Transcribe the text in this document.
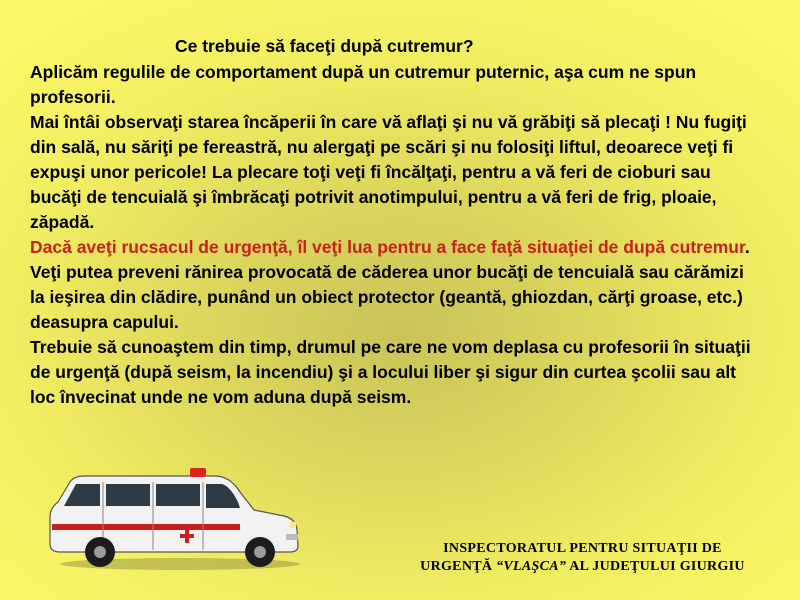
Ce trebuie să faceţi după cutremur?

Aplicăm regulile de comportament după un cutremur puternic, aşa cum ne spun profesorii.

Mai întâi observaţi starea încăperii în care vă aflaţi şi nu vă grăbiţi să plecaţi ! Nu fugiţi din sală, nu săriţi pe fereastră, nu alergaţi pe scări şi nu folosiţi liftul, deoarece veţi fi expuşi unor pericole! La plecare toţi veţi fi încălţaţi, pentru a vă feri de cioburi sau bucăţi de tencuială şi îmbrăcaţi potrivit anotimpului, pentru a vă feri de frig, ploaie, zăpadă.

Dacă aveţi rucsacul de urgenţă, îl veţi lua pentru a face faţă situaţiei de după cutremur.

Veţi putea preveni rănirea provocată de căderea unor bucăţi de tencuială sau cărămizi la ieşirea din clădire, punând un obiect protector (geantă, ghiozdan, cărţi groase, etc.) deasupra capului.

Trebuie să cunoaştem din timp, drumul pe care ne vom deplasa cu profesorii în situaţii de urgenţă (după seism, la incendiu) şi a locului liber şi sigur din curtea şcolii sau alt loc învecinat unde ne vom aduna după seism.

INSPECTORATUL PENTRU SITUAŢII DE
URGENŢĂ “VLAŞCA” AL JUDEŢULUI GIURGIU
